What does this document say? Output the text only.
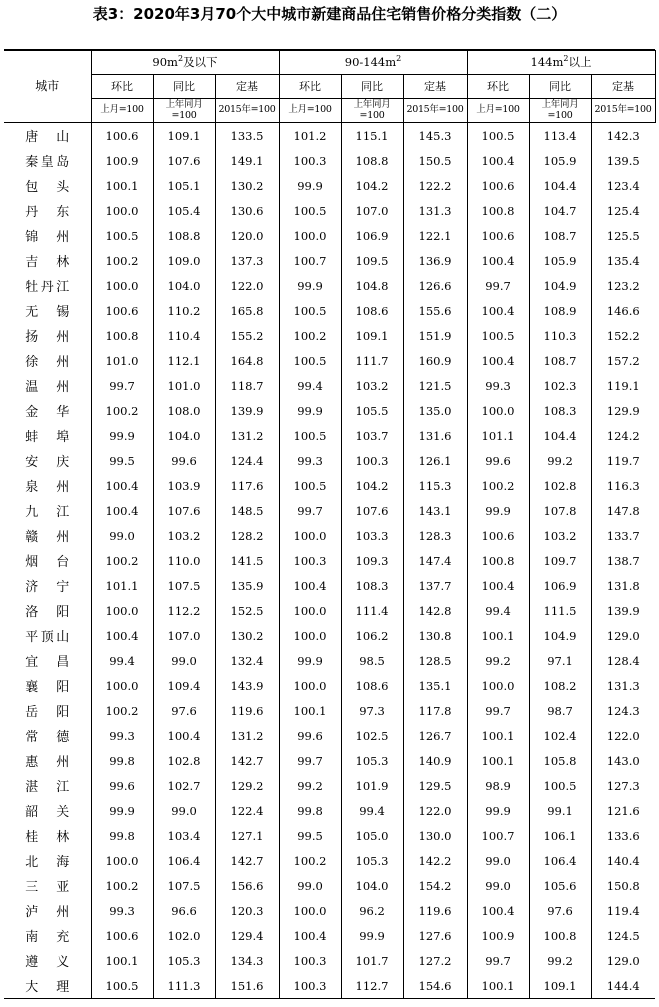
表3：2020年3月70个大中城市新建商品住宅销售价格分类指数（二）
城市	$90m^2$及以下			$90-144m^2$			$144m^2$以上		
	环比	同比	定基	环比	同比	定基	环比	同比	定基
	上月=100	上年同月=100	2015年=100	上月=100	上年同月=100	2015年=100	上月=100	上年同月=100	2015年=100
唐山	100.6	109.1	133.5	101.2	115.1	145.3	100.5	113.4	142.3
秦皇岛	100.9	107.6	149.1	100.3	108.8	150.5	100.4	105.9	139.5
包头	100.1	105.1	130.2	99.9	104.2	122.2	100.6	104.4	123.4
丹东	100.0	105.4	130.6	100.5	107.0	131.3	100.8	104.7	125.4
锦州	100.5	108.8	120.0	100.0	106.9	122.1	100.6	108.7	125.5
吉林	100.2	109.0	137.3	100.7	109.5	136.9	100.4	105.9	135.4
牡丹江	100.0	104.0	122.0	99.9	104.8	126.6	99.7	104.9	123.2
无锡	100.6	110.2	165.8	100.5	108.6	155.6	100.4	108.9	146.6
扬州	100.8	110.4	155.2	100.2	109.1	151.9	100.5	110.3	152.2
徐州	101.0	112.1	164.8	100.5	111.7	160.9	100.4	108.7	157.2
温州	99.7	101.0	118.7	99.4	103.2	121.5	99.3	102.3	119.1
金华	100.2	108.0	139.9	99.9	105.5	135.0	100.0	108.3	129.9
蚌埠	99.9	104.0	131.2	100.5	103.7	131.6	101.1	104.4	124.2
安庆	99.5	99.6	124.4	99.3	100.3	126.1	99.6	99.2	119.7
泉州	100.4	103.9	117.6	100.5	104.2	115.3	100.2	102.8	116.3
九江	100.4	107.6	148.5	99.7	107.6	143.1	99.9	107.8	147.8
赣州	99.0	103.2	128.2	100.0	103.3	128.3	100.6	103.2	133.7
烟台	100.2	110.0	141.5	100.3	109.3	147.4	100.8	109.7	138.7
济宁	101.1	107.5	135.9	100.4	108.3	137.7	100.4	106.9	131.8
洛阳	100.0	112.2	152.5	100.0	111.4	142.8	99.4	111.5	139.9
平顶山	100.4	107.0	130.2	100.0	106.2	130.8	100.1	104.9	129.0
宜昌	99.4	99.0	132.4	99.9	98.5	128.5	99.2	97.1	128.4
襄阳	100.0	109.4	143.9	100.0	108.6	135.1	100.0	108.2	131.3
岳阳	100.2	97.6	119.6	100.1	97.3	117.8	99.7	98.7	124.3
常德	99.3	100.4	131.2	99.6	102.5	126.7	100.1	102.4	122.0
惠州	99.8	102.8	142.7	99.7	105.3	140.9	100.1	105.8	143.0
湛江	99.6	102.7	129.2	99.2	101.9	129.5	98.9	100.5	127.3
韶关	99.9	99.0	122.4	99.8	99.4	122.0	99.9	99.1	121.6
桂林	99.8	103.4	127.1	99.5	105.0	130.0	100.7	106.1	133.6
北海	100.0	106.4	142.7	100.2	105.3	142.2	99.0	106.4	140.4
三亚	100.2	107.5	156.6	99.0	104.0	154.2	99.0	105.6	150.8
泸州	99.3	96.6	120.3	100.0	96.2	119.6	100.4	97.6	119.4
南充	100.6	102.0	129.4	100.4	99.9	127.6	100.9	100.8	124.5
遵义	100.1	105.3	134.3	100.3	101.7	127.2	99.7	99.2	129.0
大理	100.5	111.3	151.6	100.3	112.7	154.6	100.1	109.1	144.4
